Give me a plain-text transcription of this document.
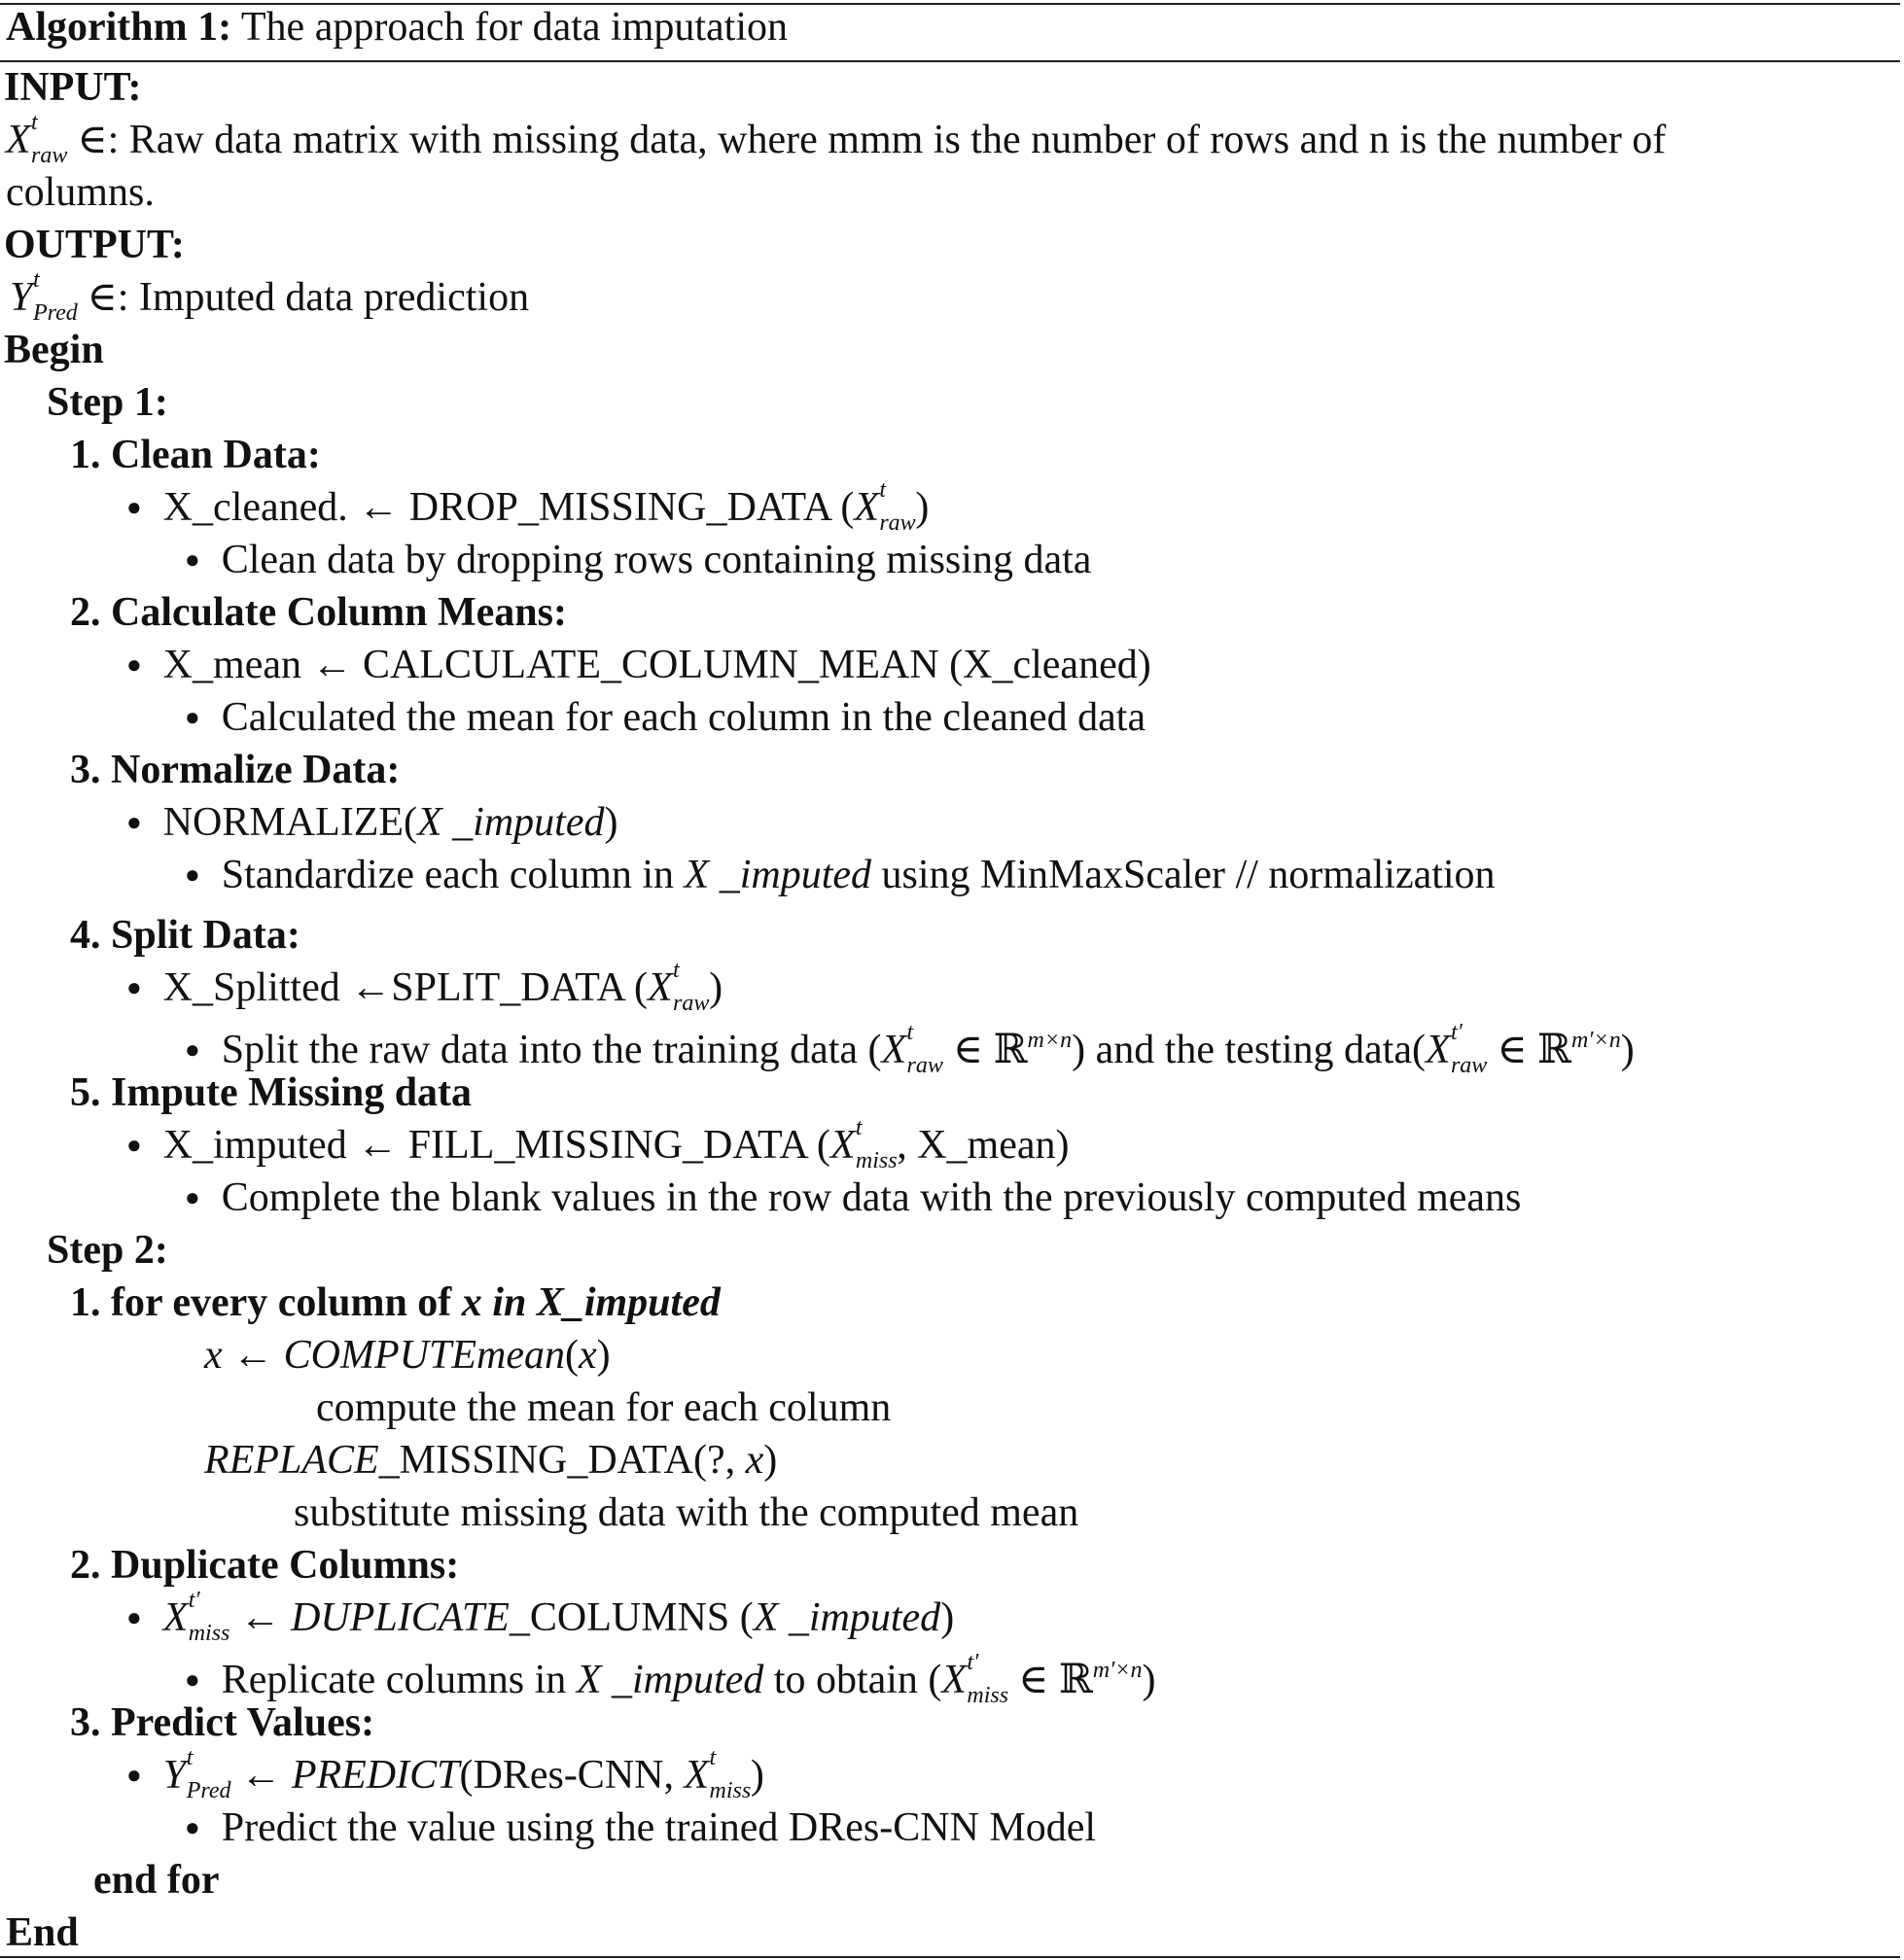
Algorithm 1: The approach for data imputation
INPUT:
X t
raw ∈: Raw data matrix with missing data, where mmm is the number of rows and n is the number of
columns.
OUTPUT:
Y t
Pred ∈: Imputed data prediction
Begin
Step 1:
1. Clean Data:
● X_cleaned. ← DROP_MISSING_DATA (X t
raw )
● Clean data by dropping rows containing missing data
2. Calculate Column Means:
● X_mean ← CALCULATE_COLUMN_MEAN (X_cleaned)
● Calculated the mean for each column in the cleaned data
3. Normalize Data:
● NORMALIZE(X _imputed)
● Standardize each column in X _imputed using MinMaxScaler // normalization
4. Split Data:
● X_Splitted ←SPLIT_DATA (X t
raw )
● Split the raw data into the training data (X t
raw ∈ ℝ$^{m\times n}$) and the testing data(X t′
raw ∈ ℝ$^{m'\times n}$)
5. Impute Missing data
● X_imputed ← FILL_MISSING_DATA (X t
miss , X_mean)
● Complete the blank values in the row data with the previously computed means
Step 2:
1. for every column of x in X_imputed
x ← COMPUTEmean(x)
compute the mean for each column
REPLACE_MISSING_DATA(?, x)
substitute missing data with the computed mean
2. Duplicate Columns:
● X t′
miss ← DUPLICATE_COLUMNS (X _imputed)
● Replicate columns in X _imputed to obtain (X t′
miss ∈ ℝ$^{m'\times n}$)
3. Predict Values:
● Y t
Pred ← PREDICT(DRes-CNN, X t
miss )
● Predict the value using the trained DRes-CNN Model
end for
End
